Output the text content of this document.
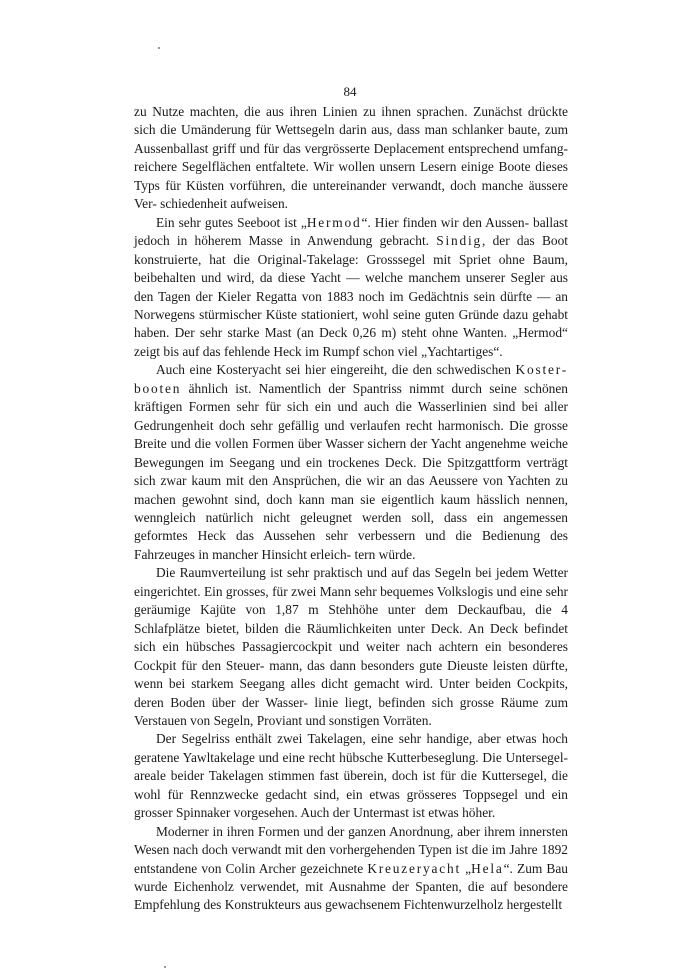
84

zu Nutze machten, die aus ihren Linien zu ihnen sprachen. Zunächst drückte sich die Umänderung für Wettsegeln darin aus, dass man schlanker baute, zum Aussenballast griff und für das vergrösserte Deplacement entsprechend umfang- reichere Segelflächen entfaltete. Wir wollen unsern Lesern einige Boote dieses Typs für Küsten vorführen, die untereinander verwandt, doch manche äussere Ver- schiedenheit aufweisen.

Ein sehr gutes Seeboot ist „Hermod“. Hier finden wir den Aussen- ballast jedoch in höherem Masse in Anwendung gebracht. Sindig, der das Boot konstruierte, hat die Original-Takelage: Grosssegel mit Spriet ohne Baum, beibehalten und wird, da diese Yacht — welche manchem unserer Segler aus den Tagen der Kieler Regatta von 1883 noch im Gedächtnis sein dürfte — an Norwegens stürmischer Küste stationiert, wohl seine guten Gründe dazu gehabt haben. Der sehr starke Mast (an Deck 0,26 m) steht ohne Wanten. „Hermod“ zeigt bis auf das fehlende Heck im Rumpf schon viel „Yachtartiges“.

Auch eine Kosteryacht sei hier eingereiht, die den schwedischen Koster- booten ähnlich ist. Namentlich der Spantriss nimmt durch seine schönen kräftigen Formen sehr für sich ein und auch die Wasserlinien sind bei aller Gedrungenheit doch sehr gefällig und verlaufen recht harmonisch. Die grosse Breite und die vollen Formen über Wasser sichern der Yacht angenehme weiche Bewegungen im Seegang und ein trockenes Deck. Die Spitzgattform verträgt sich zwar kaum mit den Ansprüchen, die wir an das Aeussere von Yachten zu machen gewohnt sind, doch kann man sie eigentlich kaum hässlich nennen, wenngleich natürlich nicht geleugnet werden soll, dass ein angemessen geformtes Heck das Aussehen sehr verbessern und die Bedienung des Fahrzeuges in mancher Hinsicht erleich- tern würde.

Die Raumverteilung ist sehr praktisch und auf das Segeln bei jedem Wetter eingerichtet. Ein grosses, für zwei Mann sehr bequemes Volkslogis und eine sehr geräumige Kajüte von 1,87 m Stehhöhe unter dem Deckaufbau, die 4 Schlafplätze bietet, bilden die Räumlichkeiten unter Deck. An Deck befindet sich ein hübsches Passagiercockpit und weiter nach achtern ein besonderes Cockpit für den Steuer- mann, das dann besonders gute Dieuste leisten dürfte, wenn bei starkem Seegang alles dicht gemacht wird. Unter beiden Cockpits, deren Boden über der Wasser- linie liegt, befinden sich grosse Räume zum Verstauen von Segeln, Proviant und sonstigen Vorräten.

Der Segelriss enthält zwei Takelagen, eine sehr handige, aber etwas hoch geratene Yawltakelage und eine recht hübsche Kutterbeseglung. Die Untersegel- areale beider Takelagen stimmen fast überein, doch ist für die Kuttersegel, die wohl für Rennzwecke gedacht sind, ein etwas grösseres Toppsegel und ein grosser Spinnaker vorgesehen. Auch der Untermast ist etwas höher.

Moderner in ihren Formen und der ganzen Anordnung, aber ihrem innersten Wesen nach doch verwandt mit den vorhergehenden Typen ist die im Jahre 1892 entstandene von Colin Archer gezeichnete Kreuzeryacht „Hela“. Zum Bau wurde Eichenholz verwendet, mit Ausnahme der Spanten, die auf besondere Empfehlung des Konstrukteurs aus gewachsenem Fichtenwurzelholz hergestellt
